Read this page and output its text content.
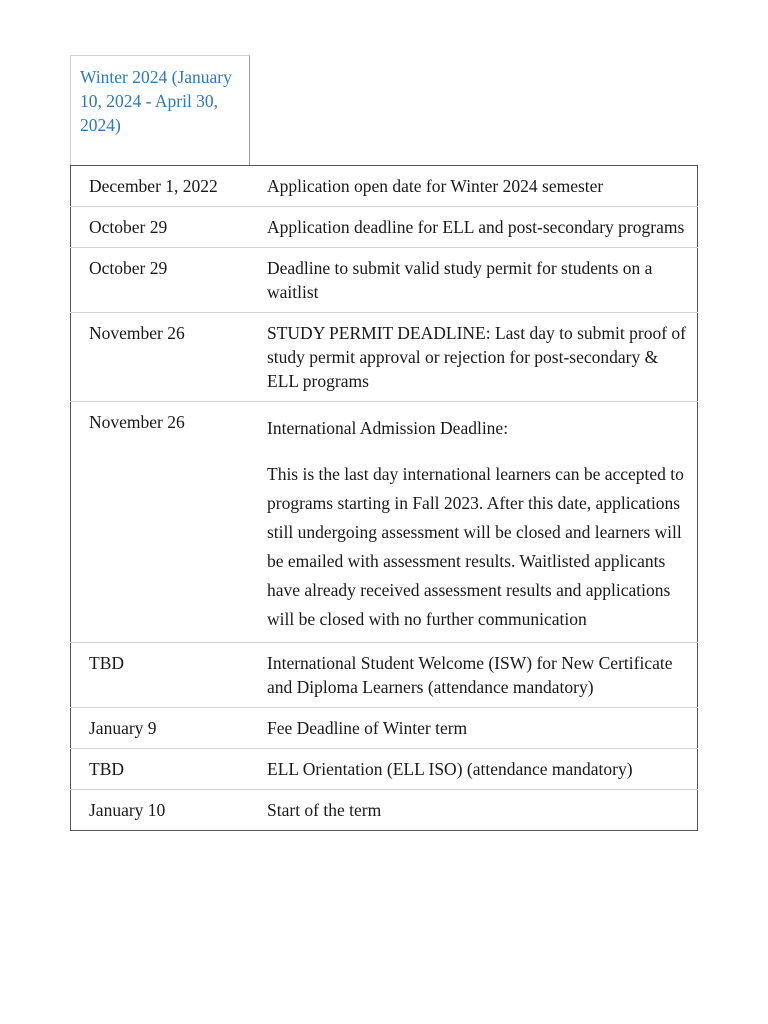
Winter 2024 (January 10, 2024 - April 30, 2024)

December 1, 2022	Application open date for Winter 2024 semester
October 29	Application deadline for ELL and post-secondary programs
October 29	Deadline to submit valid study permit for students on a waitlist
November 26	STUDY PERMIT DEADLINE: Last day to submit proof of study permit approval or rejection for post-secondary & ELL programs
November 26	International Admission Deadline:

This is the last day international learners can be accepted to programs starting in Fall 2023. After this date, applications still undergoing assessment will be closed and learners will be emailed with assessment results. Waitlisted applicants have already received assessment results and applications will be closed with no further communication

TBD	International Student Welcome (ISW) for New Certificate and Diploma Learners (attendance mandatory)
January 9	Fee Deadline of Winter term
TBD	ELL Orientation (ELL ISO) (attendance mandatory)
January 10	Start of the term
